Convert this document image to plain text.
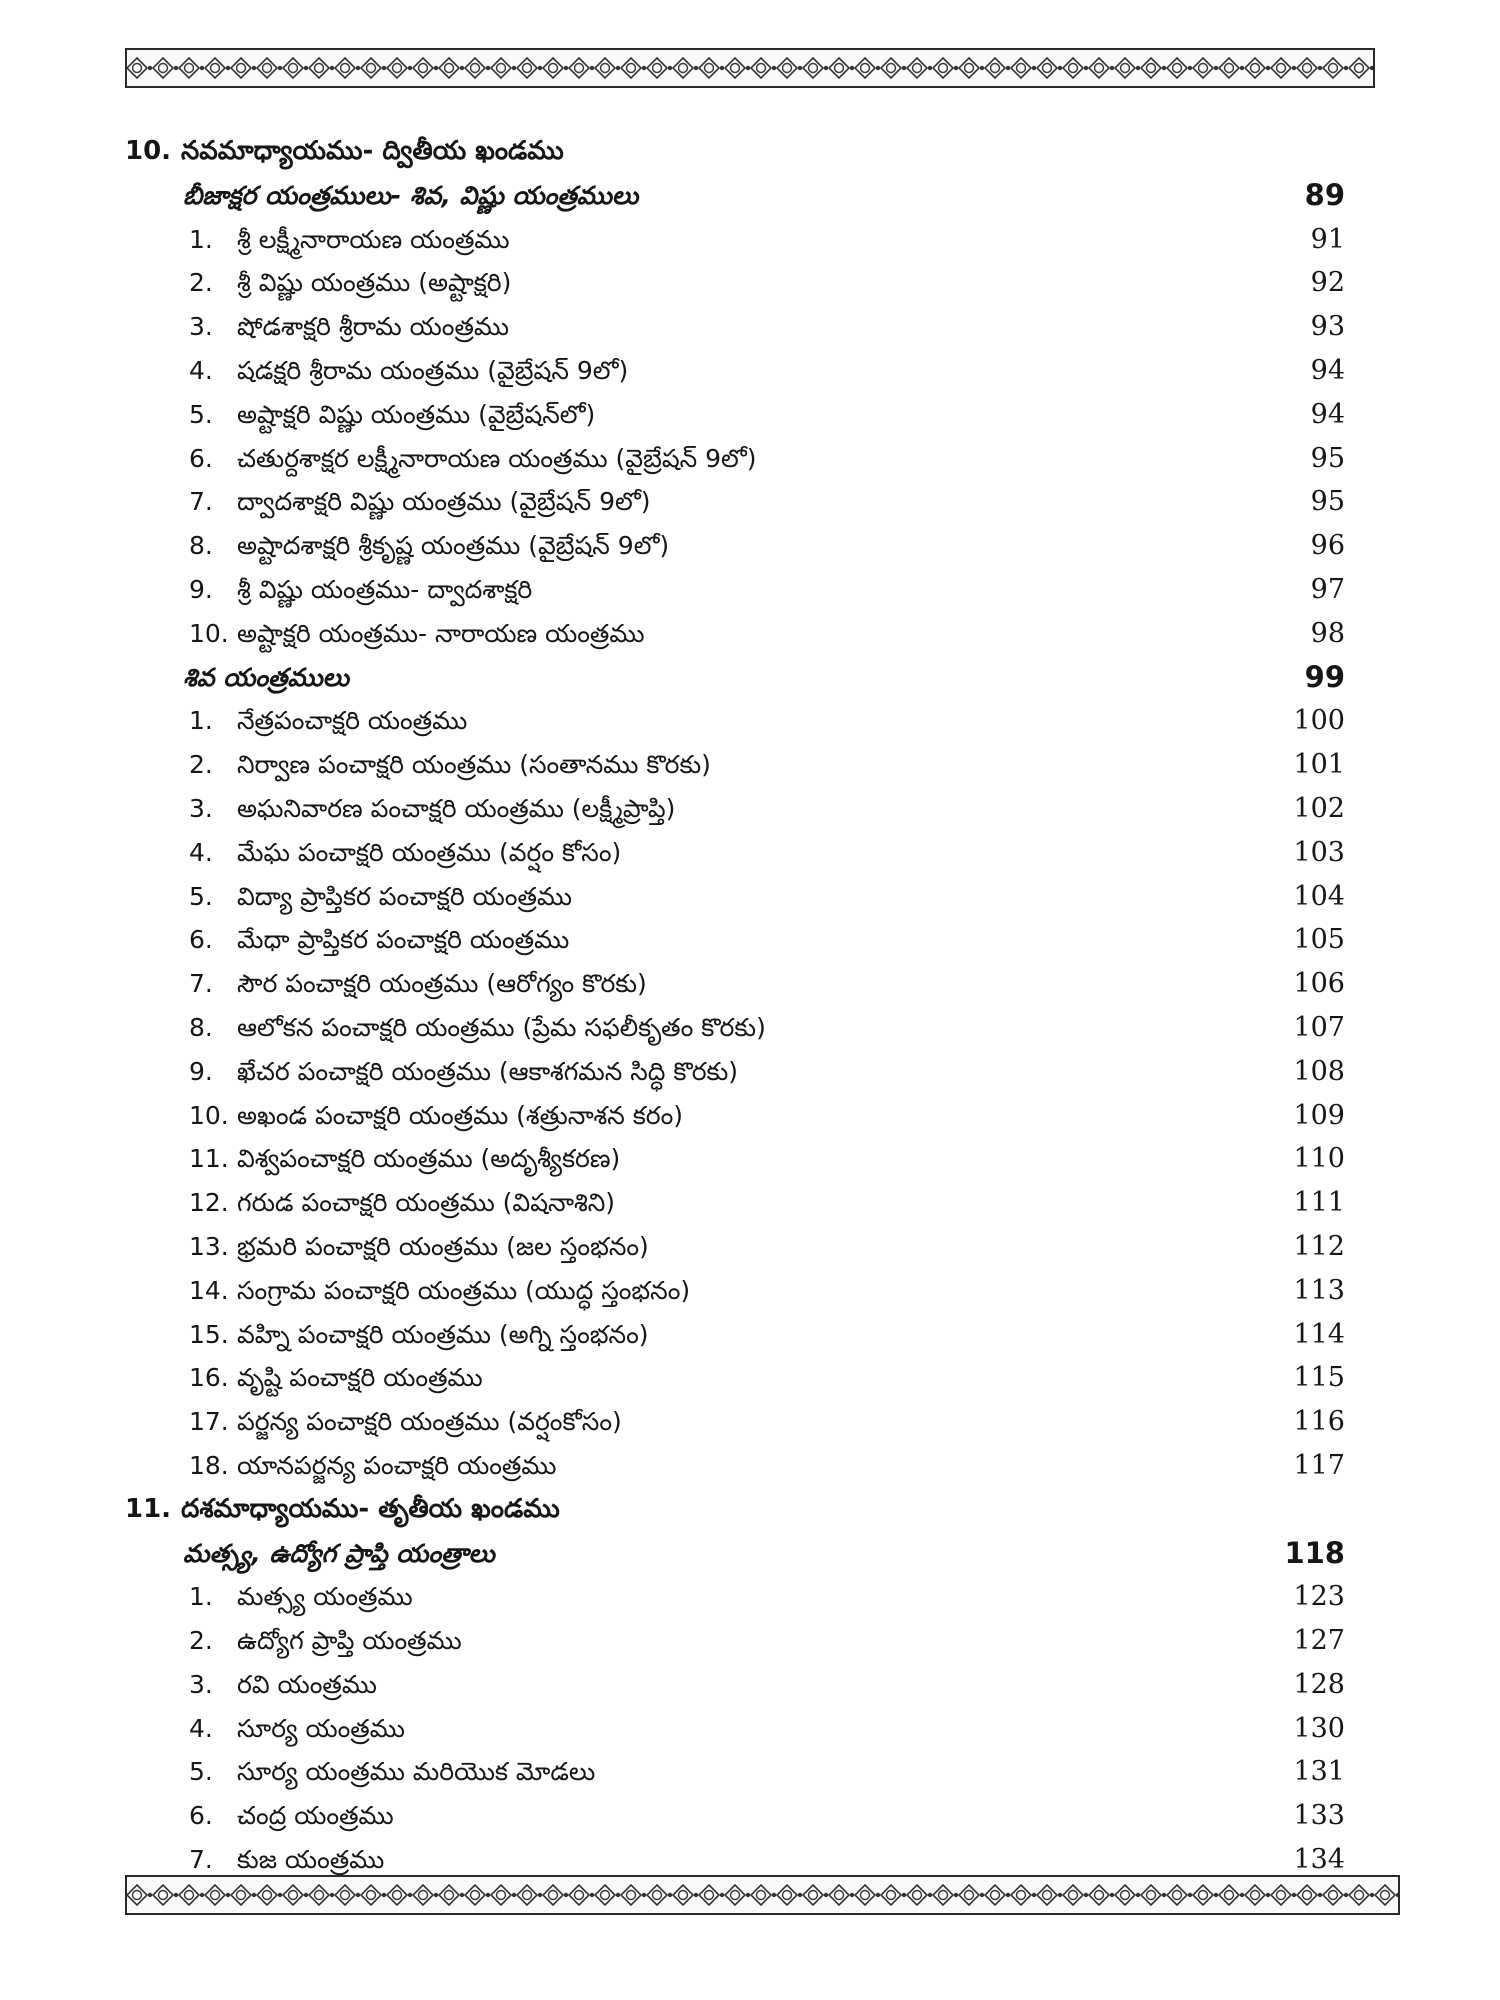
10. నవమాధ్యాయము- ద్వితీయ ఖండము
బీజాక్షర యంత్రములు- శివ, విష్ణు యంత్రములు	89
1. శ్రీ లక్ష్మీనారాయణ యంత్రము	91
2. శ్రీ విష్ణు యంత్రము (అష్టాక్షరి)	92
3. షోడశాక్షరి శ్రీరామ యంత్రము	93
4. షడక్షరి శ్రీరామ యంత్రము (వైబ్రేషన్ 9లో)	94
5. అష్టాక్షరి విష్ణు యంత్రము (వైబ్రేషన్‌లో)	94
6. చతుర్దశాక్షర లక్ష్మీనారాయణ యంత్రము (వైబ్రేషన్ 9లో)	95
7. ద్వాదశాక్షరి విష్ణు యంత్రము (వైబ్రేషన్ 9లో)	95
8. అష్టాదశాక్షరి శ్రీకృష్ణ యంత్రము (వైబ్రేషన్ 9లో)	96
9. శ్రీ విష్ణు యంత్రము- ద్వాదశాక్షరి	97
10. అష్టాక్షరి యంత్రము- నారాయణ యంత్రము	98
శివ యంత్రములు	99
1. నేత్రపంచాక్షరి యంత్రము	100
2. నిర్వాణ పంచాక్షరి యంత్రము (సంతానము కొరకు)	101
3. అఘనివారణ పంచాక్షరి యంత్రము (లక్ష్మీప్రాప్తి)	102
4. మేఘ పంచాక్షరి యంత్రము (వర్షం కోసం)	103
5. విద్యా ప్రాప్తికర పంచాక్షరి యంత్రము	104
6. మేధా ప్రాప్తికర పంచాక్షరి యంత్రము	105
7. సౌర పంచాక్షరి యంత్రము (ఆరోగ్యం కొరకు)	106
8. ఆలోకన పంచాక్షరి యంత్రము (ప్రేమ సఫలీకృతం కొరకు)	107
9. ఖేచర పంచాక్షరి యంత్రము (ఆకాశగమన సిద్ధి కొరకు)	108
10. అఖండ పంచాక్షరి యంత్రము (శత్రునాశన కరం)	109
11. విశ్వపంచాక్షరి యంత్రము (అదృశ్యీకరణ)	110
12. గరుడ పంచాక్షరి యంత్రము (విషనాశిని)	111
13. భ్రమరి పంచాక్షరి యంత్రము (జల స్తంభనం)	112
14. సంగ్రామ పంచాక్షరి యంత్రము (యుద్ధ స్తంభనం)	113
15. వహ్ని పంచాక్షరి యంత్రము (అగ్ని స్తంభనం)	114
16. వృష్టి పంచాక్షరి యంత్రము	115
17. పర్జన్య పంచాక్షరి యంత్రము (వర్షంకోసం)	116
18. యానపర్జన్య పంచాక్షరి యంత్రము	117
11. దశమాధ్యాయము- తృతీయ ఖండము
మత్స్య, ఉద్యోగ ప్రాప్తి యంత్రాలు	118
1. మత్స్య యంత్రము	123
2. ఉద్యోగ ప్రాప్తి యంత్రము	127
3. రవి యంత్రము	128
4. సూర్య యంత్రము	130
5. సూర్య యంత్రము మరియొక మోడలు	131
6. చంద్ర యంత్రము	133
7. కుజ యంత్రము	134
